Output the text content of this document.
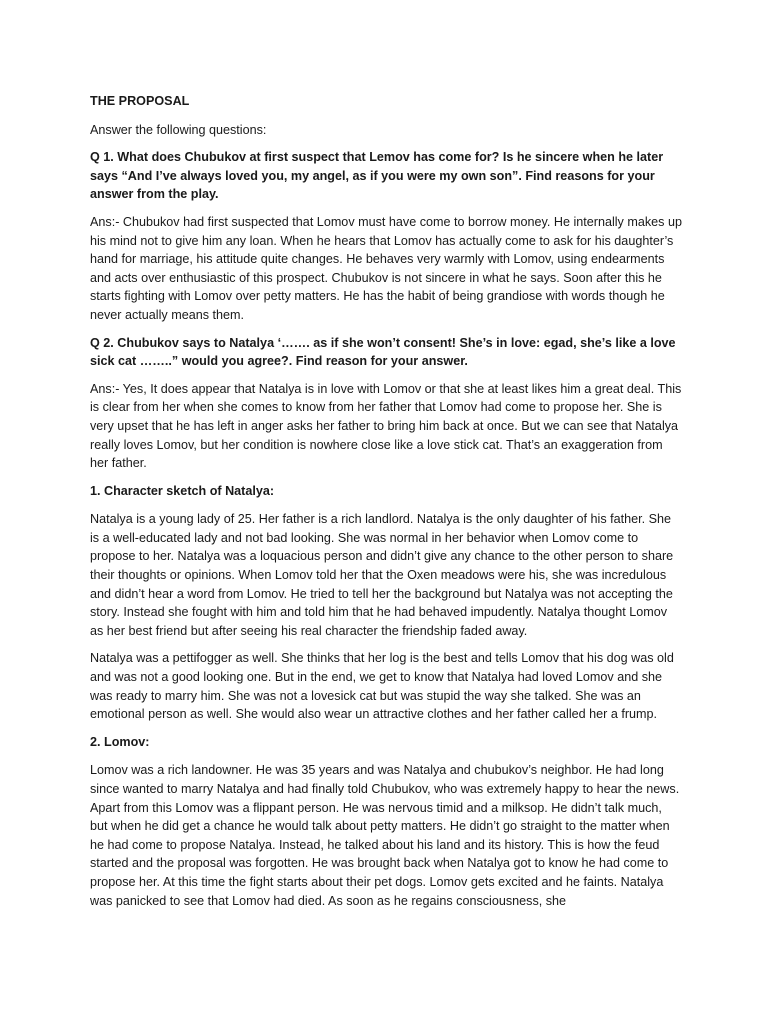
THE PROPOSAL

Answer the following questions:

Q 1. What does Chubukov at first suspect that Lemov has come for? Is he sincere when he later says “And I’ve always loved you, my angel, as if you were my own son”. Find reasons for your answer from the play.

Ans:- Chubukov had first suspected that Lomov must have come to borrow money. He internally makes up his mind not to give him any loan. When he hears that Lomov has actually come to ask for his daughter’s hand for marriage, his attitude quite changes. He behaves very warmly with Lomov, using endearments and acts over enthusiastic of this prospect. Chubukov is not sincere in what he says. Soon after this he starts fighting with Lomov over petty matters. He has the habit of being grandiose with words though he never actually means them.

Q 2. Chubukov says to Natalya ‘……. as if she won’t consent! She’s in love: egad, she’s like a love sick cat ……..” would you agree?. Find reason for your answer.

Ans:- Yes, It does appear that Natalya is in love with Lomov or that she at least likes him a great deal. This is clear from her when she comes to know from her father that Lomov had come to propose her. She is very upset that he has left in anger asks her father to bring him back at once. But we can see that Natalya really loves Lomov, but her condition is nowhere close like a love stick cat. That’s an exaggeration from her father.

1. Character sketch of Natalya:

Natalya is a young lady of 25. Her father is a rich landlord. Natalya is the only daughter of his father. She is a well-educated lady and not bad looking. She was normal in her behavior when Lomov come to propose to her. Natalya was a loquacious person and didn’t give any chance to the other person to share their thoughts or opinions. When Lomov told her that the Oxen meadows were his, she was incredulous and didn’t hear a word from Lomov. He tried to tell her the background but Natalya was not accepting the story. Instead she fought with him and told him that he had behaved impudently. Natalya thought Lomov as her best friend but after seeing his real character the friendship faded away.

Natalya was a pettifogger as well. She thinks that her log is the best and tells Lomov that his dog was old and was not a good looking one. But in the end, we get to know that Natalya had loved Lomov and she was ready to marry him. She was not a lovesick cat but was stupid the way she talked. She was an emotional person as well. She would also wear un attractive clothes and her father called her a frump.

2. Lomov:

Lomov was a rich landowner. He was 35 years and was Natalya and chubukov’s neighbor. He had long since wanted to marry Natalya and had finally told Chubukov, who was extremely happy to hear the news. Apart from this Lomov was a flippant person. He was nervous timid and a milksop. He didn’t talk much, but when he did get a chance he would talk about petty matters. He didn’t go straight to the matter when he had come to propose Natalya. Instead, he talked about his land and its history. This is how the feud started and the proposal was forgotten. He was brought back when Natalya got to know he had come to propose her. At this time the fight starts about their pet dogs. Lomov gets excited and he faints. Natalya was panicked to see that Lomov had died. As soon as he regains consciousness, she
